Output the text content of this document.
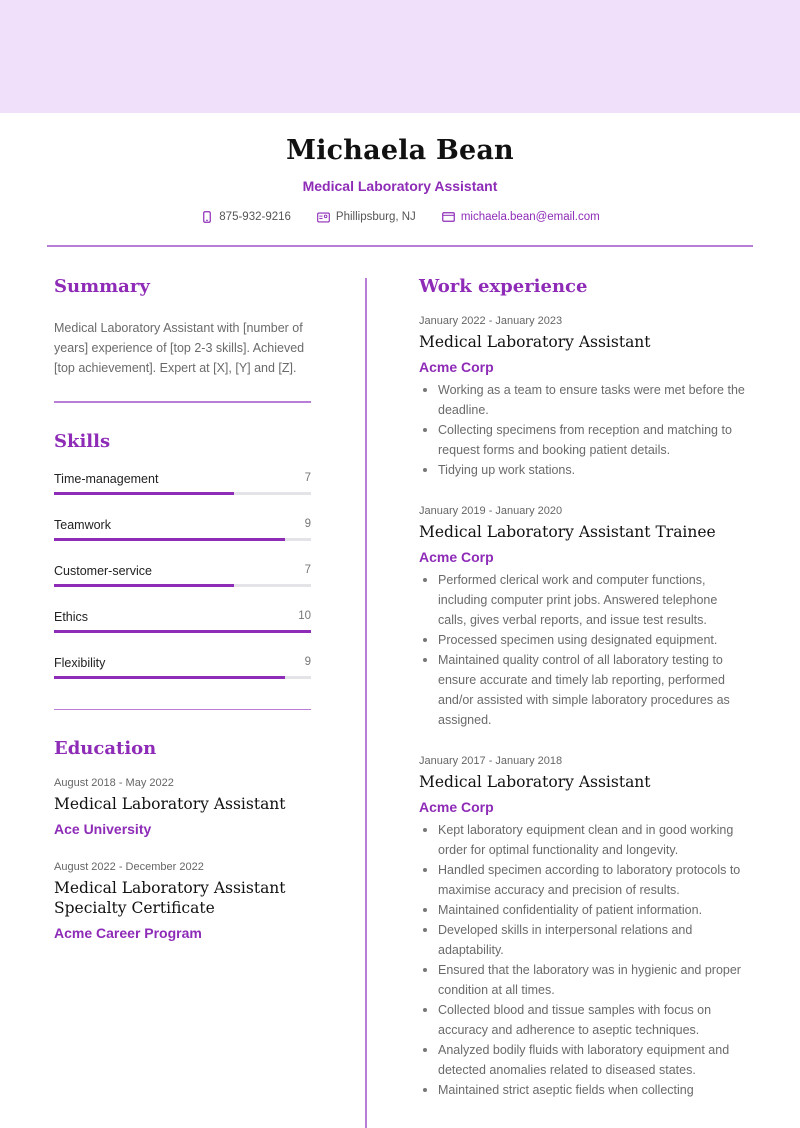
Michaela Bean
Medical Laboratory Assistant
875-932-9216	Phillipsburg, NJ	michaela.bean@email.com
Summary
Medical Laboratory Assistant with [number of years] experience of [top 2-3 skills]. Achieved [top achievement]. Expert at [X], [Y] and [Z].
Skills
Time-management	7
Teamwork	9
Customer-service	7
Ethics	10
Flexibility	9
Education
August 2018 - May 2022
Medical Laboratory Assistant
Ace University
August 2022 - December 2022
Medical Laboratory Assistant Specialty Certificate
Acme Career Program
Work experience
January 2022 - January 2023
Medical Laboratory Assistant
Acme Corp
Working as a team to ensure tasks were met before the deadline.
Collecting specimens from reception and matching to request forms and booking patient details.
Tidying up work stations.
January 2019 - January 2020
Medical Laboratory Assistant Trainee
Acme Corp
Performed clerical work and computer functions, including computer print jobs. Answered telephone calls, gives verbal reports, and issue test results.
Processed specimen using designated equipment.
Maintained quality control of all laboratory testing to ensure accurate and timely lab reporting, performed and/or assisted with simple laboratory procedures as assigned.
January 2017 - January 2018
Medical Laboratory Assistant
Acme Corp
Kept laboratory equipment clean and in good working order for optimal functionality and longevity.
Handled specimen according to laboratory protocols to maximise accuracy and precision of results.
Maintained confidentiality of patient information.
Developed skills in interpersonal relations and adaptability.
Ensured that the laboratory was in hygienic and proper condition at all times.
Collected blood and tissue samples with focus on accuracy and adherence to aseptic techniques.
Analyzed bodily fluids with laboratory equipment and detected anomalies related to diseased states.
Maintained strict aseptic fields when collecting
